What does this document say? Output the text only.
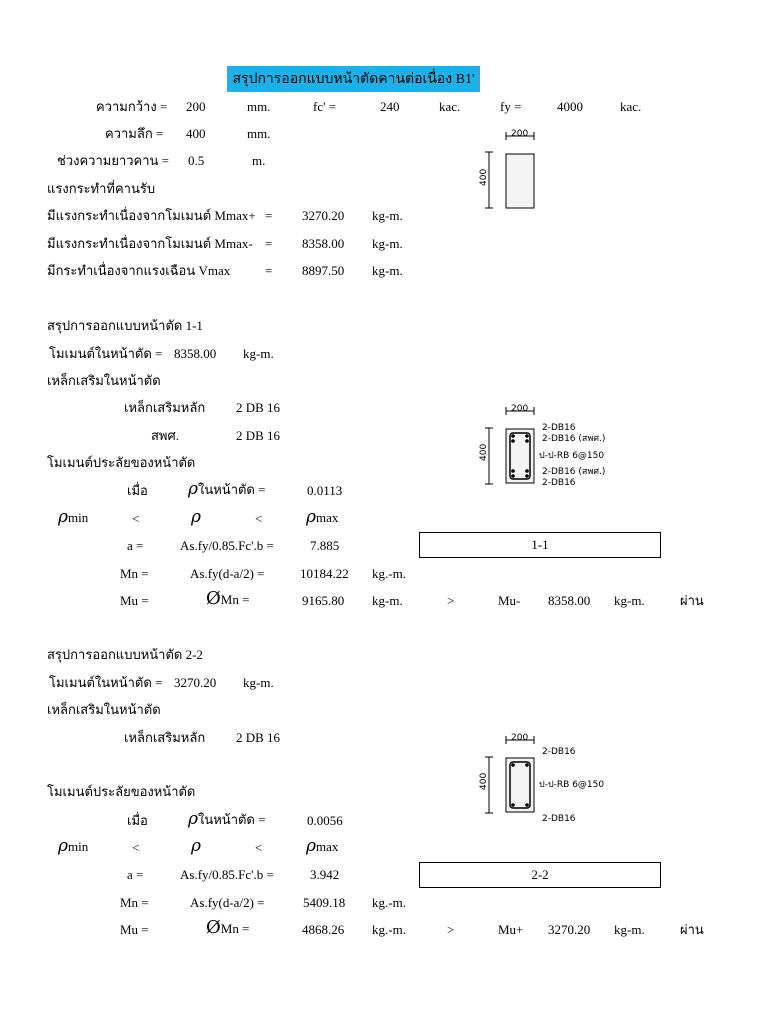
สรุปการออกแบบหน้าตัดคานต่อเนื่อง B1'
ความกว้าง = 200	mm.	fc' =	240	kac.	fy =	4000	kac.
ความลึก = 400	mm.
ช่วงความยาวคาน = 0.5	m.
แรงกระทำที่คานรับ
มีแรงกระทำเนื่องจากโมเมนต์ Mmax+ = 3270.20 kg-m.
มีแรงกระทำเนื่องจากโมเมนต์ Mmax- = 8358.00 kg-m.
มีกระทำเนื่องจากแรงเฉือน Vmax	= 8897.50 kg-m.
200
400
สรุปการออกแบบหน้าตัด 1-1
โมเมนต์ในหน้าตัด = 8358.00 kg-m.
เหล็กเสริมในหน้าตัด
เหล็กเสริมหลัก 2 DB 16
สพศ.	2 DB 16
โมเมนต์ประลัยของหน้าตัด
เมื่อ ρในหน้าตัด =	0.0113
ρmin	<	ρ	<	ρmax
a =	As.fy/0.85.Fc'.b =	7.885	1-1
Mn =	As.fy(d-a/2) =	10184.22 kg.-m.
Mu =	ØMn =	9165.80 kg-m.	>	Mu- 8358.00 kg-m.	ผ่าน
200
400
2-DB16
2-DB16 (สพศ.)
ป-ป-RB 6@150
2-DB16 (สพศ.)
2-DB16
สรุปการออกแบบหน้าตัด 2-2
โมเมนต์ในหน้าตัด = 3270.20 kg-m.
เหล็กเสริมในหน้าตัด
เหล็กเสริมหลัก 2 DB 16
โมเมนต์ประลัยของหน้าตัด
เมื่อ ρในหน้าตัด =	0.0056
ρmin	<	ρ	<	ρmax
a =	As.fy/0.85.Fc'.b =	3.942	2-2
Mn =	As.fy(d-a/2) =	5409.18 kg.-m.
Mu =	ØMn =	4868.26 kg.-m.	>	Mu+ 3270.20 kg-m.	ผ่าน
200
400
2-DB16
ป-ป-RB 6@150
2-DB16
